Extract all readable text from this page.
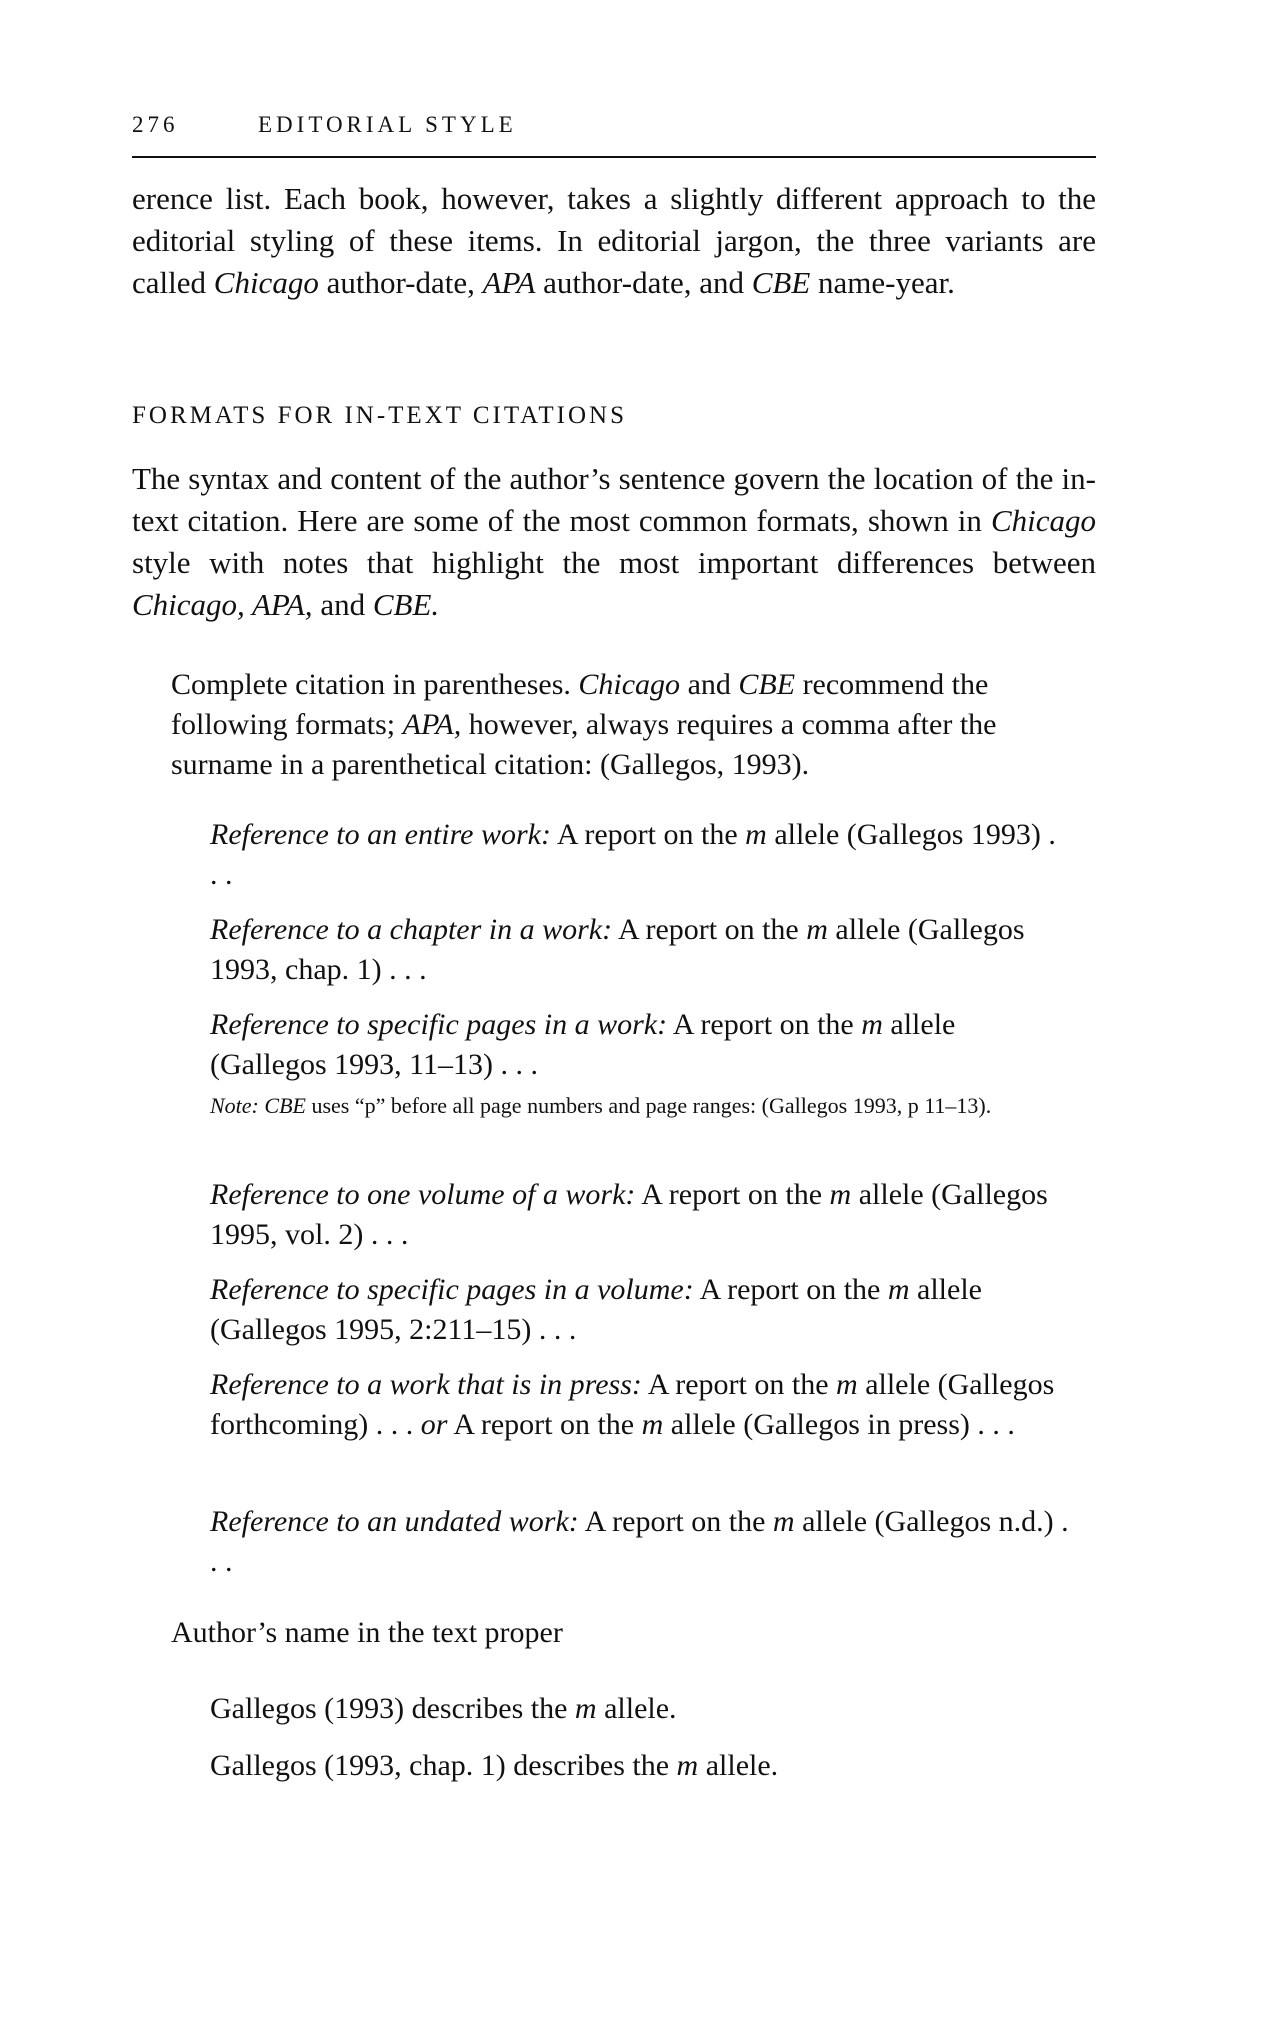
276	EDITORIAL STYLE

erence list. Each book, however, takes a slightly different approach to the editorial styling of these items. In editorial jargon, the three variants are called Chicago author-date, APA author-date, and CBE name-year.

FORMATS FOR IN-TEXT CITATIONS

The syntax and content of the author’s sentence govern the location of the in-text citation. Here are some of the most common formats, shown in Chicago style with notes that highlight the most important differences between Chicago, APA, and CBE.

Complete citation in parentheses. Chicago and CBE recommend the following formats; APA, however, always requires a comma after the surname in a parenthetical citation: (Gallegos, 1993).

Reference to an entire work: A report on the m allele (Gallegos 1993) . . .

Reference to a chapter in a work: A report on the m allele (Gallegos 1993, chap. 1) . . .

Reference to specific pages in a work: A report on the m allele (Gallegos 1993, 11–13) . . .

Note: CBE uses “p” before all page numbers and page ranges: (Gallegos 1993, p 11–13).

Reference to one volume of a work: A report on the m allele (Gallegos 1995, vol. 2) . . .

Reference to specific pages in a volume: A report on the m allele (Gallegos 1995, 2:211–15) . . .

Reference to a work that is in press: A report on the m allele (Gallegos forthcoming) . . . or A report on the m allele (Gallegos in press) . . .

Reference to an undated work: A report on the m allele (Gallegos n.d.) . . .

Author’s name in the text proper

Gallegos (1993) describes the m allele.

Gallegos (1993, chap. 1) describes the m allele.
